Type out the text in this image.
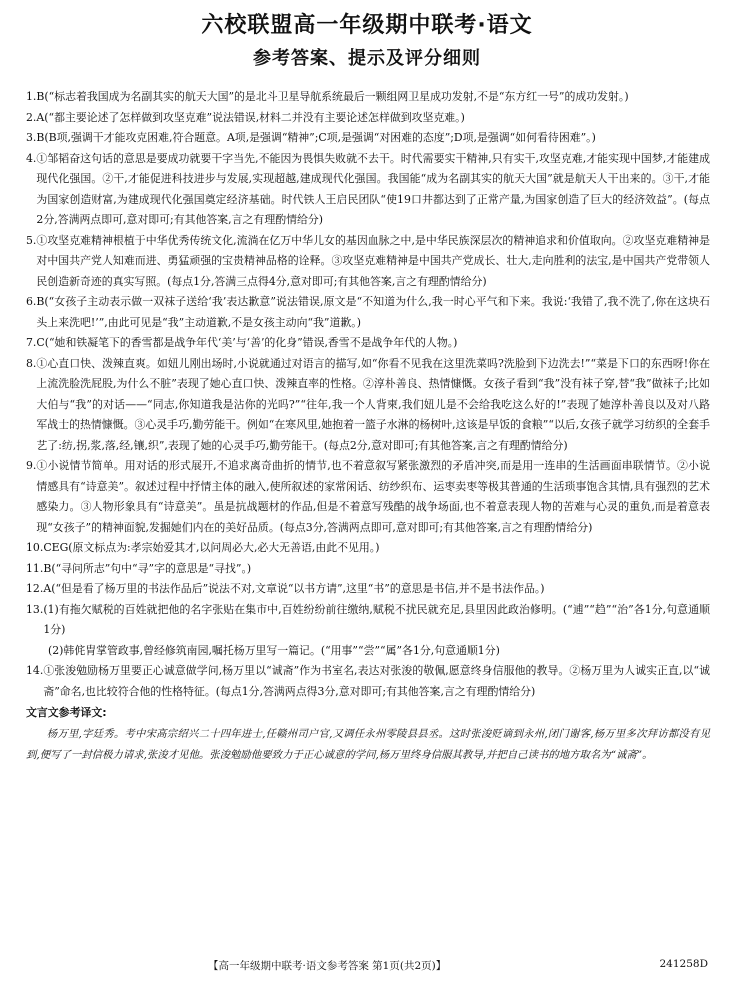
六校联盟高一年级期中联考·语文
参考答案、提示及评分细则
1. B(“标志着我国成为名副其实的航天大国”的是北斗卫星导航系统最后一颗组网卫星成功发射,不是“东方红一号”的成功发射。)
2. A(“都主要论述了怎样做到攻坚克难”说法错误,材料二并没有主要论述怎样做到攻坚克难。)
3. B(B项,强调干才能攻克困难,符合题意。A项,是强调“精神”;C项,是强调“对困难的态度”;D项,是强调“如何看待困难”。)
4. ①邹韬奋这句话的意思是要成功就要干字当先,不能因为畏惧失败就不去干。时代需要实干精神,只有实干,攻坚克难,才能实现中国梦,才能建成现代化强国。②干,才能促进科技进步与发展,实现超越,建成现代化强国。我国能“成为名副其实的航天大国”就是航天人干出来的。③干,才能为国家创造财富,为建成现代化强国奠定经济基础。时代铁人王启民团队“使19口井都达到了正常产量,为国家创造了巨大的经济效益”。(每点2分,答满两点即可,意对即可;有其他答案,言之有理酌情给分)
5. ①攻坚克难精神根植于中华优秀传统文化,流淌在亿万中华儿女的基因血脉之中,是中华民族深层次的精神追求和价值取向。②攻坚克难精神是对中国共产党人知难而进、勇猛顽强的宝贵精神品格的诠释。③攻坚克难精神是中国共产党成长、壮大,走向胜利的法宝,是中国共产党带领人民创造新奇迹的真实写照。(每点1分,答满三点得4分,意对即可;有其他答案,言之有理酌情给分)
6. B(“女孩子主动表示做一双袜子送给‘我’表达歉意”说法错误,原文是“不知道为什么,我一时心平气和下来。我说:‘我错了,我不洗了,你在这块石头上来洗吧!’”,由此可见是“我”主动道歉,不是女孩主动向“我”道歉。)
7. C(“她和铁凝笔下的香雪都是战争年代‘美’与‘善’的化身”错误,香雪不是战争年代的人物。)
8. ①心直口快、泼辣直爽。如妞儿刚出场时,小说就通过对语言的描写,如“你看不见我在这里洗菜吗?洗脸到下边洗去!”“菜是下口的东西呀!你在上流洗脸洗屁股,为什么不脏”表现了她心直口快、泼辣直率的性格。②淳朴善良、热情慷慨。女孩子看到“我”没有袜子穿,替“我”做袜子;比如大伯与“我”的对话——“同志,你知道我是沾你的光吗?”“往年,我一个人背柬,我们妞儿是不会给我吃这么好的!”表现了她淳朴善良以及对八路军战士的热情慷慨。③心灵手巧,勤劳能干。例如“在寒风里,她抱着一篮子水淋的杨树叶,这该是早饭的食粮”“以后,女孩子就学习纺织的全套手艺了:纺,拐,浆,落,经,镶,织”,表现了她的心灵手巧,勤劳能干。(每点2分,意对即可;有其他答案,言之有理酌情给分)
9. ①小说情节简单。用对话的形式展开,不追求离奇曲折的情节,也不着意叙写紧张激烈的矛盾冲突,而是用一连串的生活画面串联情节。②小说情感具有“诗意美”。叙述过程中抒情主体的融入,使所叙述的家常闲话、纺纱织布、运枣卖枣等极其普通的生活琐事饱含其情,具有强烈的艺术感染力。③人物形象具有“诗意美”。虽是抗战题材的作品,但是不着意写残酷的战争场面,也不着意表现人物的苦难与心灵的重负,而是着意表现“女孩子”的精神面貌,发掘她们内在的美好品质。(每点3分,答满两点即可,意对即可;有其他答案,言之有理酌情给分)
10. CEG(原文标点为:孝宗始爱其才,以问周必大,必大无善语,由此不见用。)
11. B(“寻问所志”句中“寻”字的意思是“寻找”。)
12. A(“但是看了杨万里的书法作品后”说法不对,文章说“以书方请”,这里“书”的意思是书信,并不是书法作品。)
13. (1)有拖欠赋税的百姓就把他的名字张贴在集市中,百姓纷纷前往缴纳,赋税不扰民就充足,县里因此政治修明。(“逋”“趋”“治”各1分,句意通顺1分)
(2)韩侂胄掌管政事,曾经修筑南园,嘱托杨万里写一篇记。(“用事”“尝”“属”各1分,句意通顺1分)
14. ①张浚勉励杨万里要正心诚意做学问,杨万里以“诚斋”作为书室名,表达对张浚的敬佩,愿意终身信服他的教导。②杨万里为人诚实正直,以“诚斋”命名,也比较符合他的性格特征。(每点1分,答满两点得3分,意对即可;有其他答案,言之有理酌情给分)
文言文参考译文:
杨万里,字廷秀。考中宋高宗绍兴二十四年进士,任赣州司户官,又调任永州零陵县县丞。这时张浚贬谪到永州,闭门谢客,杨万里多次拜访都没有见到,便写了一封信极力请求,张浚才见他。张浚勉励他要致力于正心诚意的学问,杨万里终身信服其教导,并把自己读书的地方取名为“诚斋”。
【高一年级期中联考·语文参考答案 第1页(共2页)】	241258D
